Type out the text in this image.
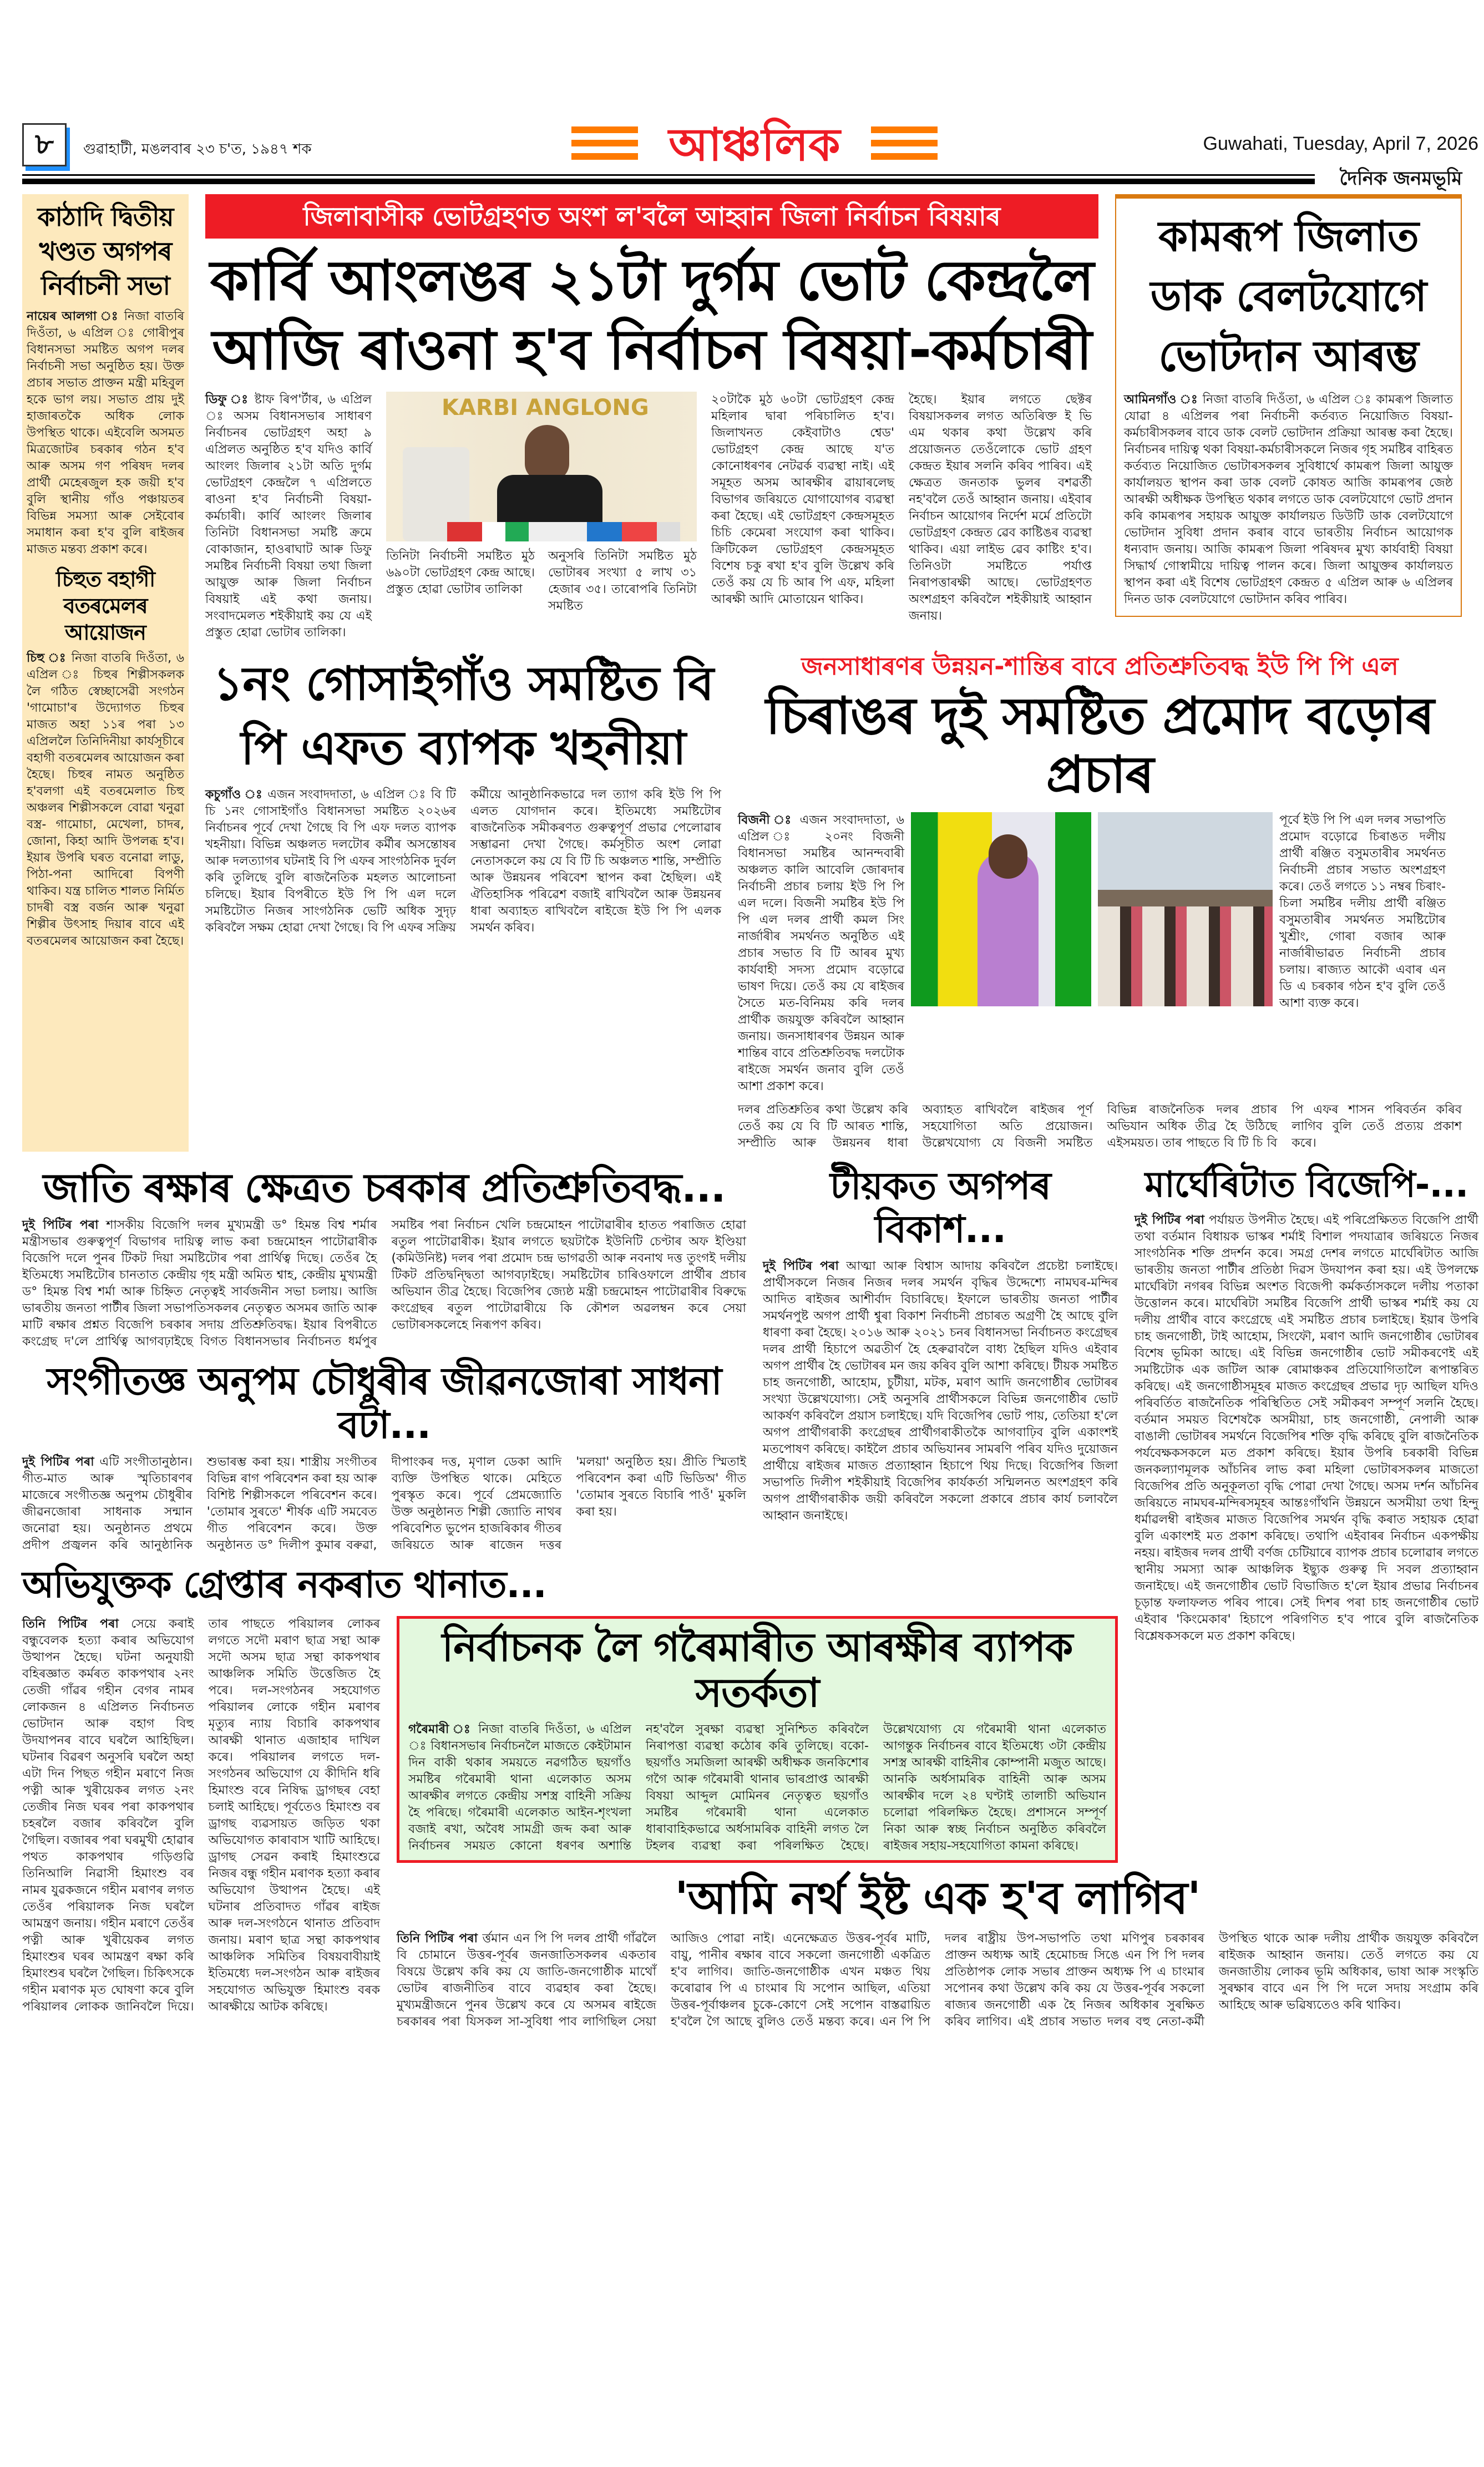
৮	গুৱাহাটী, মঙলবাৰ ২৩ চ'ত, ১৯৪৭ শক	আঞ্চলিক	Guwahati, Tuesday, April 7, 2026
দৈনিক জনমভূমি
কাঠাদি দ্বিতীয় খণ্ডত অগপৰ নিৰ্বাচনী সভা
নায়েৰ আলগা ঃ নিজা বাতৰি দিওঁতা, ৬ এপ্ৰিল ঃ গোৰীপুৰ বিধানসভা সমষ্টিত অগপ দলৰ নিৰ্বাচনী সভা অনুষ্ঠিত হয়। উক্ত প্ৰচাৰ সভাত প্ৰাক্তন মন্ত্ৰী মহিবুল হকে ভাগ লয়। সভাত প্ৰায় দুই হাজাৰতকৈ অধিক লোক উপস্থিত থাকে। এইবেলি অসমত মিত্ৰজোটৰ চৰকাৰ গঠন হ'ব আৰু অসম গণ পৰিষদ দলৰ প্ৰাৰ্থী মেহেৰজুল হক জয়ী হ'ব বুলি স্থানীয় গাঁও পঞ্চায়তৰ বিভিন্ন সমস্যা আৰু সেইবোৰ সমাধান কৰা হ'ব বুলি ৰাইজৰ মাজত মন্তব্য প্ৰকাশ কৰে।
চিহুত বহাগী বতৰমেলৰ আয়োজন
চিহু ঃ নিজা বাতৰি দিওঁতা, ৬ এপ্ৰিল ঃ চিহুৰ শিল্পীসকলক লৈ গঠিত স্বেচ্ছাসেৱী সংগঠন 'গামোচা'ৰ উদ্যোগত চিহুৰ মাজত অহা ১১ৰ পৰা ১৩ এপ্ৰিললৈ তিনিদিনীয়া কাৰ্যসূচীৰে বহাগী বতৰমেলৰ আয়োজন কৰা হৈছে। চিহুৰ নামত অনুষ্ঠিত হ'বলগা এই বতৰমেলাত চিহু অঞ্চলৰ শিল্পীসকলে বোৱা খনুৱা বস্ত্ৰ- গামোচা, মেখেলা, চাদৰ, জোনা, কিহা আদি উপলব্ধ হ'ব। ইয়াৰ উপৰি ঘৰত বনোৱা লাডু, পিঠা-পনা আদিৰো বিপণী থাকিব। যন্ত্ৰ চালিত শালত নিৰ্মিত চাদৰী বস্ত্ৰ বৰ্জন আৰু খনুৱা শিল্পীৰ উৎসাহ দিয়াৰ বাবে এই বতৰমেলৰ আয়োজন কৰা হৈছে।
জিলাবাসীক ভোটগ্ৰহণত অংশ ল'বলৈ আহ্বান জিলা নিৰ্বাচন বিষয়াৰ
কাৰ্বি আংলঙৰ ২১টা দুৰ্গম ভোট কেন্দ্ৰলৈ
আজি ৰাওনা হ'ব নিৰ্বাচন বিষয়া-কৰ্মচাৰী
ডিফু ঃ ষ্টাফ ৰিপ'ৰ্টাৰ, ৬ এপ্ৰিল ঃ অসম বিধানসভাৰ সাধাৰণ নিৰ্বাচনৰ ভোটগ্ৰহণ অহা ৯ এপ্ৰিলত অনুষ্ঠিত হ'ব যদিও কাৰ্বি আংলং জিলাৰ ২১টা অতি দুৰ্গম ভোটগ্ৰহণ কেন্দ্ৰলৈ ৭ এপ্ৰিলতে ৰাওনা হ'ব নিৰ্বাচনী বিষয়া-কৰ্মচাৰী। কাৰ্বি আংলং জিলাৰ তিনিটা বিধানসভা সমষ্টি ক্ৰমে বোকাজান, হাওৰাঘাট আৰু ডিফু সমষ্টিৰ নিৰ্বাচনী বিষয়া তথা জিলা আয়ুক্ত আৰু জিলা নিৰ্বাচন বিষয়াই এই কথা জনায়। সংবাদমেলত শইকীয়াই কয় যে এই প্ৰস্তুত হোৱা ভোটাৰ তালিকা।
KARBI ANGLONG
তিনিটা নিৰ্বাচনী সমষ্টিত মুঠ ৬৯০টা ভোটগ্ৰহণ কেন্দ্ৰ আছে। প্ৰস্তুত হোৱা ভোটাৰ তালিকা
অনুসৰি তিনিটা সমষ্টিত মুঠ ভোটাৰৰ সংখ্যা ৫ লাখ ৩১ হেজাৰ ৩৫। তাৰোপৰি তিনিটা সমষ্টিত
২০টাকৈ মুঠ ৬০টা ভোটগ্ৰহণ কেন্দ্ৰ মহিলাৰ দ্বাৰা পৰিচালিত হ'ব। জিলাখনত কেইবাটাও শ্বেড' ভোটগ্ৰহণ কেন্দ্ৰ আছে য'ত কোনোধৰণৰ নেটৱৰ্ক ব্যৱস্থা নাই। এই সমূহত অসম আৰক্ষীৰ ৱায়াৰলেছ বিভাগৰ জৰিয়তে যোগাযোগৰ ব্যৱস্থা কৰা হৈছে। এই ভোটগ্ৰহণ কেন্দ্ৰসমূহত চিচি কেমেৰা সংযোগ কৰা থাকিব। ক্ৰিটিকেল ভোটগ্ৰহণ কেন্দ্ৰসমূহত বিশেষ চকু ৰখা হ'ব বুলি উল্লেখ কৰি তেওঁ কয় যে চি আৰ পি এফ, মহিলা আৰক্ষী আদি মোতায়েন থাকিব।
হৈছে। ইয়াৰ লগতে ছেক্টৰ বিষয়াসকলৰ লগত অতিৰিক্ত ই ভি এম থকাৰ কথা উল্লেখ কৰি প্ৰয়োজনত তেওঁলোকে ভোট গ্ৰহণ কেন্দ্ৰত ইয়াৰ সলনি কৰিব পাৰিব। এই ক্ষেত্ৰত জনতাক ভুলৰ বশৱৰ্তী নহ'বলৈ তেওঁ আহ্বান জনায়। এইবাৰ নিৰ্বাচন আয়োগৰ নিৰ্দেশ মৰ্মে প্ৰতিটো ভোটগ্ৰহণ কেন্দ্ৰত ৱেব কাষ্টিঙৰ ব্যৱস্থা থাকিব। এয়া লাইভ ৱেব কাষ্টিং হ'ব। তিনিওটা সমষ্টিতে পৰ্যাপ্ত নিৰাপত্তাৰক্ষী আছে। ভোটগ্ৰহণত অংশগ্ৰহণ কৰিবলৈ শইকীয়াই আহ্বান জনায়।
কামৰূপ জিলাত ডাক বেলটযোগে ভোটদান আৰম্ভ
আমিনগাঁও ঃ নিজা বাতৰি দিওঁতা, ৬ এপ্ৰিল ঃ কামৰূপ জিলাত যোৱা ৪ এপ্ৰিলৰ পৰা নিৰ্বাচনী কৰ্তব্যত নিয়োজিত বিষয়া-কৰ্মচাৰীসকলৰ বাবে ডাক বেলট ভোটদান প্ৰক্ৰিয়া আৰম্ভ কৰা হৈছে। নিৰ্বাচনৰ দায়িত্ব থকা বিষয়া-কৰ্মচাৰীসকলে নিজৰ গৃহ সমষ্টিৰ বাহিৰত কৰ্তব্যত নিয়োজিত ভোটাৰসকলৰ সুবিধাৰ্থে কামৰূপ জিলা আয়ুক্ত কাৰ্যালয়ত স্থাপন কৰা ডাক বেলট কোষত আজি কামৰূপৰ জেষ্ঠ আৰক্ষী অধীক্ষক উপস্থিত থকাৰ লগতে ডাক বেলটযোগে ভোট প্ৰদান কৰি কামৰূপৰ সহায়ক আয়ুক্ত কাৰ্যালয়ত ডিউটি ডাক বেলটযোগে ভোটদান সুবিধা প্ৰদান কৰাৰ বাবে ভাৰতীয় নিৰ্বাচন আয়োগক ধন্যবাদ জনায়। আজি কামৰূপ জিলা পৰিষদৰ মুখ্য কাৰ্যবাহী বিষয়া সিদ্ধাৰ্থ গোস্বামীয়ে দায়িত্ব পালন কৰে। জিলা আয়ুক্তৰ কাৰ্যালয়ত স্থাপন কৰা এই বিশেষ ভোটগ্ৰহণ কেন্দ্ৰত ৫ এপ্ৰিল আৰু ৬ এপ্ৰিলৰ দিনত ডাক বেলটযোগে ভোটদান কৰিব পাৰিব।
১নং গোসাইগাঁও সমষ্টিত বি পি এফত ব্যাপক খহনীয়া
কচুগাঁও ঃ এজন সংবাদদাতা, ৬ এপ্ৰিল ঃ বি টি চি ১নং গোসাইগাঁও বিধানসভা সমষ্টিত ২০২৬ৰ নিৰ্বাচনৰ পূৰ্বে দেখা গৈছে বি পি এফ দলত ব্যাপক খহনীয়া। বিভিন্ন অঞ্চলত দলটোৰ কৰ্মীৰ অসন্তোষৰ আৰু দলত্যাগৰ ঘটনাই বি পি এফৰ সাংগঠনিক দুৰ্বল কৰি তুলিছে বুলি ৰাজনৈতিক মহলত আলোচনা চলিছে। ইয়াৰ বিপৰীতে ইউ পি পি এল দলে সমষ্টিটোত নিজৰ সাংগঠনিক ভেটি অধিক সুদৃঢ় কৰিবলৈ সক্ষম হোৱা দেখা গৈছে। বি পি এফৰ সক্ৰিয় কৰ্মীয়ে আনুষ্ঠানিকভাৱে দল ত্যাগ কৰি ইউ পি পি এলত যোগদান কৰে। ইতিমধ্যে সমষ্টিটোৰ ৰাজনৈতিক সমীকৰণত গুৰুত্বপূৰ্ণ প্ৰভাৱ পেলোৱাৰ সম্ভাৱনা দেখা গৈছে। কৰ্মসূচীত অংশ লোৱা নেতাসকলে কয় যে বি টি চি অঞ্চলত শান্তি, সম্প্ৰীতি আৰু উন্নয়নৰ পৰিবেশ স্থাপন কৰা হৈছিল। এই ঐতিহাসিক পৰিৱেশ বজাই ৰাখিবলৈ আৰু উন্নয়নৰ ধাৰা অব্যাহত ৰাখিবলৈ ৰাইজে ইউ পি পি এলক সমৰ্থন কৰিব।
জনসাধাৰণৰ উন্নয়ন-শান্তিৰ বাবে প্ৰতিশ্ৰুতিবদ্ধ ইউ পি পি এল
চিৰাঙৰ দুই সমষ্টিত প্ৰমোদ বড়োৰ প্ৰচাৰ
বিজনী ঃ এজন সংবাদদাতা, ৬ এপ্ৰিল ঃ ২০নং বিজনী বিধানসভা সমষ্টিৰ আনন্দবাৰী অঞ্চলত কালি আবেলি জোৰদাৰ নিৰ্বাচনী প্ৰচাৰ চলায় ইউ পি পি এল দলে। বিজনী সমষ্টিৰ ইউ পি পি এল দলৰ প্ৰাৰ্থী কমল সিং নাৰ্জাৰীৰ সমৰ্থনত অনুষ্ঠিত এই প্ৰচাৰ সভাত বি টি আৰৰ মুখ্য কাৰ্যবাহী সদস্য প্ৰমোদ বড়োৱে ভাষণ দিয়ে। তেওঁ কয় যে ৰাইজৰ সৈতে মত-বিনিময় কৰি দলৰ প্ৰাৰ্থীক জয়যুক্ত কৰিবলৈ আহ্বান জনায়। জনসাধাৰণৰ উন্নয়ন আৰু শান্তিৰ বাবে প্ৰতিশ্ৰুতিবদ্ধ দলটোক ৰাইজে সমৰ্থন জনাব বুলি তেওঁ আশা প্ৰকাশ কৰে।
পূৰ্বে ইউ পি পি এল দলৰ সভাপতি প্ৰমোদ বড়োৱে চিৰাঙত দলীয় প্ৰাৰ্থী ৰঞ্জিত বসুমতাৰীৰ সমৰ্থনত নিৰ্বাচনী প্ৰচাৰ সভাত অংশগ্ৰহণ কৰে। তেওঁ লগতে ১১ নম্বৰ চিৰাং-চিলা সমষ্টিৰ দলীয় প্ৰাৰ্থী ৰঞ্জিত বসুমতাৰীৰ সমৰ্থনত সমষ্টিটোৰ খুশ্ৰীং, গোৰা বজাৰ আৰু নাৰ্জাৰীভাৱত নিৰ্বাচনী প্ৰচাৰ চলায়। ৰাজ্যত আকৌ এবাৰ এন ডি এ চৰকাৰ গঠন হ'ব বুলি তেওঁ আশা ব্যক্ত কৰে।
দলৰ প্ৰতিশ্ৰুতিৰ কথা উল্লেখ কৰি তেওঁ কয় যে বি টি আৰত শান্তি, সম্প্ৰীতি আৰু উন্নয়নৰ ধাৰা অব্যাহত ৰাখিবলৈ ৰাইজৰ পূৰ্ণ সহযোগিতা অতি প্ৰয়োজন। উল্লেখযোগ্য যে বিজনী সমষ্টিত বিভিন্ন ৰাজনৈতিক দলৰ প্ৰচাৰ অভিযান অধিক তীব্ৰ হৈ উঠিছে এইসময়ত। তাৰ পাছতে বি টি চি বি পি এফৰ শাসন পৰিবৰ্তন কৰিব লাগিব বুলি তেওঁ প্ৰত্যয় প্ৰকাশ কৰে।
জাতি ৰক্ষাৰ ক্ষেত্ৰত চৰকাৰ প্ৰতিশ্ৰুতিবদ্ধ...
দুই পিটিৰ পৰা শাসকীয় বিজেপি দলৰ মুখ্যমন্ত্ৰী ড° হিমন্ত বিশ্ব শৰ্মাৰ মন্ত্ৰীসভাৰ গুৰুত্বপূৰ্ণ বিভাগৰ দায়িত্ব লাভ কৰা চন্দ্ৰমোহন পাটোৱাৰীক বিজেপি দলে পুনৰ টিকট দিয়া সমষ্টিটোৰ পৰা প্ৰাৰ্থিত্ব দিছে। তেওঁৰ হৈ ইতিমধ্যে সমষ্টিটোৰ চানতাত কেন্দ্ৰীয় গৃহ মন্ত্ৰী অমিত শ্বাহ, কেন্দ্ৰীয় মুখ্যমন্ত্ৰী ড° হিমন্ত বিশ্ব শৰ্মা আৰু চিহ্নিত নেতৃত্বই সাৰ্বজনীন সভা চলায়। আজি ভাৰতীয় জনতা পাৰ্টীৰ জিলা সভাপতিসকলৰ নেতৃত্বত অসমৰ জাতি আৰু মাটি ৰক্ষাৰ প্ৰশ্নত বিজেপি চৰকাৰ সদায় প্ৰতিশ্ৰুতিবদ্ধ। ইয়াৰ বিপৰীতে কংগ্ৰেছ দ'লে প্ৰাৰ্থিত্ব আগবঢ়াইছে বিগত বিধানসভাৰ নিৰ্বাচনত ধৰ্মপুৰ সমষ্টিৰ পৰা নিৰ্বাচন খেলি চন্দ্ৰমোহন পাটোৱাৰীৰ হাতত পৰাজিত হোৱা ৰতুল পাটোৱাৰীক। ইয়াৰ লগতে ছয়টাকৈ ইউনিটি চেণ্টাৰ অফ ইণ্ডিয়া (কমিউনিষ্ট) দলৰ পৰা প্ৰমোদ চন্দ্ৰ ভাগৱতী আৰু নবনাথ দত্ত তুংগই দলীয় টিকট প্ৰতিদ্বন্দ্বিতা আগবঢ়াইছে। সমষ্টিটোৰ চাৰিওফালে প্ৰাৰ্থীৰ প্ৰচাৰ অভিযান তীব্ৰ হৈছে। বিজেপিৰ জ্যেষ্ঠ মন্ত্ৰী চন্দ্ৰমোহন পাটোৱাৰীৰ বিৰুদ্ধে কংগ্ৰেছৰ ৰতুল পাটোৱাৰীয়ে কি কৌশল অৱলম্বন কৰে সেয়া ভোটাৰসকলেহে নিৰূপণ কৰিব।
সংগীতজ্ঞ অনুপম চৌধুৰীৰ জীৱনজোৰা সাধনা বটা...
দুই পিটিৰ পৰা এটি সংগীতানুষ্ঠান। গীত-মাত আৰু স্মৃতিচাৰণৰ মাজেৰে সংগীতজ্ঞ অনুপম চৌধুৰীৰ জীৱনজোৰা সাধনাক সন্মান জনোৱা হয়। অনুষ্ঠানত প্ৰথমে প্ৰদীপ প্ৰজ্বলন কৰি আনুষ্ঠানিক শুভাৰম্ভ কৰা হয়। শাস্ত্ৰীয় সংগীতৰ বিভিন্ন ৰাগ পৰিবেশন কৰা হয় আৰু বিশিষ্ট শিল্পীসকলে পৰিবেশন কৰে। 'তোমাৰ সুৰতে' শীৰ্ষক এটি সমবেত গীত পৰিবেশন কৰে। উক্ত অনুষ্ঠানত ড° দিলীপ কুমাৰ বৰুৱা, দীপাংকৰ দত্ত, মৃণাল ডেকা আদি ব্যক্তি উপস্থিত থাকে। মেহিতে পুৰস্কৃত কৰে। পূৰ্বে প্ৰেমজ্যোতি উক্ত অনুষ্ঠানত শিল্পী জ্যোতি নাথৰ পৰিবেশিত ভুপেন হাজৰিকাৰ গীতৰ জৰিয়তে আৰু ৰাজেন দত্তৰ 'মলয়া' অনুষ্ঠিত হয়। প্ৰীতি স্মিতাই পৰিবেশন কৰা এটি ভিডিঅ' গীত 'তোমাৰ সুৰতে বিচাৰি পাওঁ' মুকলি কৰা হয়।
অভিযুক্তক গ্ৰেপ্তাৰ নকৰাত থানাত...
তিনি পিটিৰ পৰা সেয়ে কৰাই বন্ধুবেলক হত্যা কৰাৰ অভিযোগ উত্থাপন হৈছে। ঘটনা অনুযায়ী বহিৰজ্ঞাত কৰ্মৰত কাকপথাৰ ২নং তেজী গাঁৱৰ গহীন বেগৰ নামৰ লোকজন ৪ এপ্ৰিলত নিৰ্বাচনত ভোটদান আৰু বহাগ বিহু উদযাপনৰ বাবে ঘৰলৈ আহিছিল। ঘটনাৰ বিৱৰণ অনুসৰি ঘৰলৈ অহা এটা দিন পিছত গহীন মৰাণে নিজ পত্নী আৰু খুৰীয়েকৰ লগত ২নং তেজীৰ নিজ ঘৰৰ পৰা কাকপথাৰ চহৰলৈ বজাৰ কৰিবলৈ বুলি গৈছিল। বজাৰৰ পৰা ঘৰমুখী হোৱাৰ পথত কাকপথাৰ গড়িগুৱি তিনিআলি নিৱাসী হিমাংশু বৰ নামৰ যুৱকজনে গহীন মৰাণৰ লগত তেওঁৰ পৰিয়ালক নিজ ঘৰলৈ আমন্ত্ৰণ জনায়। গহীন মৰাণে তেওঁৰ পত্নী আৰু খুৰীয়েকৰ লগত হিমাংশুৰ ঘৰৰ আমন্ত্ৰণ ৰক্ষা কৰি হিমাংশুৰ ঘৰলৈ গৈছিল। চিকিৎসকে গহীন মৰাণক মৃত ঘোষণা কৰে বুলি পৰিয়ালৰ লোকক জানিবলৈ দিয়ে। তাৰ পাছতে পৰিয়ালৰ লোকৰ লগতে সদৌ মৰাণ ছাত্ৰ সন্থা আৰু সদৌ অসম ছাত্ৰ সন্থা কাকপথাৰ আঞ্চলিক সমিতি উত্তেজিত হৈ পৰে। দল-সংগঠনৰ সহযোগত পৰিয়ালৰ লোকে গহীন মৰাণৰ মৃত্যুৰ ন্যায় বিচাৰি কাকপথাৰ আৰক্ষী থানাত এজাহাৰ দাখিল কৰে। পৰিয়ালৰ লগতে দল-সংগঠনৰ অভিযোগ যে কীদিনি ধৰি হিমাংশু বৰে নিষিদ্ধ ড্ৰাগছৰ বেহা চলাই আহিছে। পূৰ্বতেও হিমাংশু বৰ ড্ৰাগছ ব্যৱসায়ত জড়িত থকা অভিযোগত কাৰাবাস খাটি আহিছে। ড্ৰাগছ সেৱন কৰাই হিমাংশুৱে নিজৰ বন্ধু গহীন মৰাণক হত্যা কৰাৰ অভিযোগ উত্থাপন হৈছে। এই ঘটনাৰ প্ৰতিবাদত গাঁৱৰ ৰাইজ আৰু দল-সংগঠনে থানাত প্ৰতিবাদ জনায়। মৰাণ ছাত্ৰ সন্থা কাকপথাৰ আঞ্চলিক সমিতিৰ বিষয়বাবীয়াই ইতিমধ্যে দল-সংগঠন আৰু ৰাইজৰ সহযোগত অভিযুক্ত হিমাংশু বৰক আৰক্ষীয়ে আটক কৰিছে।
টীয়কত অগপৰ বিকাশ...
দুই পিটিৰ পৰা আত্মা আৰু বিশ্বাস আদায় কৰিবলৈ প্ৰচেষ্টা চলাইছে। প্ৰাৰ্থীসকলে নিজৰ নিজৰ দলৰ সমৰ্থন বৃদ্ধিৰ উদ্দেশ্যে নামঘৰ-মন্দিৰ আদিত ৰাইজৰ আশীৰ্বাদ বিচাৰিছে। ইফালে ভাৰতীয় জনতা পাৰ্টীৰ সমৰ্থনপুষ্ট অগপ প্ৰাৰ্থী শ্বুৰা বিকাশ নিৰ্বাচনী প্ৰচাৰত অগ্ৰণী হৈ আছে বুলি ধাৰণা কৰা হৈছে। ২০১৬ আৰু ২০২১ চনৰ বিধানসভা নিৰ্বাচনত কংগ্ৰেছৰ দলৰ প্ৰাৰ্থী হিচাপে অৱতীৰ্ণ হৈ হেৰুৱাবলৈ বাধ্য হৈছিল যদিও এইবাৰ অগপ প্ৰাৰ্থীৰ হৈ ভোটাৰৰ মন জয় কৰিব বুলি আশা কৰিছে। টীয়ক সমষ্টিত চাহ জনগোষ্ঠী, আহোম, চুটীয়া, মটক, মৰাণ আদি জনগোষ্ঠীৰ ভোটাৰৰ সংখ্যা উল্লেখযোগ্য। সেই অনুসৰি প্ৰাৰ্থীসকলে বিভিন্ন জনগোষ্ঠীৰ ভোট আকৰ্ষণ কৰিবলৈ প্ৰয়াস চলাইছে। যদি বিজেপিৰ ভোট পায়, তেতিয়া হ'লে অগপ প্ৰাৰ্থীগৰাকী কংগ্ৰেছৰ প্ৰাৰ্থীগৰাকীতকৈ আগবাঢ়িব বুলি একাংশই মতপোষণ কৰিছে। কাইলৈ প্ৰচাৰ অভিযানৰ সামৰণি পৰিব যদিও দুয়োজন প্ৰাৰ্থীয়ে ৰাইজৰ মাজত প্ৰত্যাহ্বান হিচাপে থিয় দিছে। বিজেপিৰ জিলা সভাপতি দিলীপ শইকীয়াই বিজেপিৰ কাৰ্যকৰ্তা সন্মিলনত অংশগ্ৰহণ কৰি অগপ প্ৰাৰ্থীগৰাকীক জয়ী কৰিবলৈ সকলো প্ৰকাৰে প্ৰচাৰ কাৰ্য চলাবলৈ আহ্বান জনাইছে।
মাৰ্ঘেৰিটাত বিজেপি-...
দুই পিটিৰ পৰা পৰ্যায়ত উপনীত হৈছে। এই পৰিপ্ৰেক্ষিতত বিজেপি প্ৰাৰ্থী তথা বৰ্তমান বিধায়ক ভাস্কৰ শৰ্মাই বিশাল পদযাত্ৰাৰ জৰিয়তে নিজৰ সাংগঠনিক শক্তি প্ৰদৰ্শন কৰে। সমগ্ৰ দেশৰ লগতে মাৰ্ঘেৰিটাত আজি ভাৰতীয় জনতা পাৰ্টীৰ প্ৰতিষ্ঠা দিৱস উদযাপন কৰা হয়। এই উপলক্ষে মাৰ্ঘেৰিটা নগৰৰ বিভিন্ন অংশত বিজেপী কৰ্মকৰ্তাসকলে দলীয় পতাকা উত্তোলন কৰে। মাৰ্ঘেৰিটা সমষ্টিৰ বিজেপি প্ৰাৰ্থী ভাস্কৰ শৰ্মাই কয় যে দলীয় প্ৰাৰ্থীৰ বাবে কংগ্ৰেছে এই সমষ্টিত প্ৰচাৰ চলাইছে। ইয়াৰ উপৰি চাহ জনগোষ্ঠী, টাই আহোম, সিংফৌ, মৰাণ আদি জনগোষ্ঠীৰ ভোটাৰৰ বিশেষ ভূমিকা আছে। এই বিভিন্ন জনগোষ্ঠীৰ ভোট সমীকৰণেই এই সমষ্টিটোক এক জটিল আৰু ৰোমাঞ্চকৰ প্ৰতিযোগিতালৈ ৰূপান্তৰিত কৰিছে। এই জনগোষ্ঠীসমূহৰ মাজত কংগ্ৰেছৰ প্ৰভাৱ দৃঢ় আছিল যদিও পৰিবৰ্তিত ৰাজনৈতিক পৰিস্থিতিত সেই সমীকৰণ সম্পূৰ্ণ সলনি হৈছে। বৰ্তমান সময়ত বিশেষকৈ অসমীয়া, চাহ জনগোষ্ঠী, নেপালী আৰু বাঙালী ভোটাৰৰ সমৰ্থনে বিজেপিৰ শক্তি বৃদ্ধি কৰিছে বুলি ৰাজনৈতিক পৰ্যবেক্ষকসকলে মত প্ৰকাশ কৰিছে। ইয়াৰ উপৰি চৰকাৰী বিভিন্ন জনকল্যাণমূলক আঁচনিৰ লাভ কৰা মহিলা ভোটাৰসকলৰ মাজতো বিজেপিৰ প্ৰতি অনুকূলতা বৃদ্ধি পোৱা দেখা গৈছে। অসম দৰ্শন আঁচনিৰ জৰিয়তে নামঘৰ-মন্দিৰসমূহৰ আন্তঃগাঁথনি উন্নয়নে অসমীয়া তথা হিন্দু ধৰ্মাৱলম্বী ৰাইজৰ মাজত বিজেপিৰ সমৰ্থন বৃদ্ধি কৰাত সহায়ক হোৱা বুলি একাংশই মত প্ৰকাশ কৰিছে। তথাপি এইবাৰৰ নিৰ্বাচন একপক্ষীয় নহয়। ৰাইজৰ দলৰ প্ৰাৰ্থী বৰ্ণজ চেটিয়াৰে ব্যাপক প্ৰচাৰ চলোৱাৰ লগতে স্থানীয় সমস্যা আৰু আঞ্চলিক ইছ্যুক গুৰুত্ব দি সবল প্ৰত্যাহ্বান জনাইছে। এই জনগোষ্ঠীৰ ভোট বিভাজিত হ'লে ইয়াৰ প্ৰভাৱ নিৰ্বাচনৰ চূড়ান্ত ফলাফলত পৰিব পাৰে। সেই দিশৰ পৰা চাহ জনগোষ্ঠীৰ ভোট এইবাৰ 'কিংমেকাৰ' হিচাপে পৰিগণিত হ'ব পাৰে বুলি ৰাজনৈতিক বিশ্লেষকসকলে মত প্ৰকাশ কৰিছে।
নিৰ্বাচনক লৈ গৰৈমাৰীত আৰক্ষীৰ ব্যাপক সতৰ্কতা
গৰৈমাৰী ঃ নিজা বাতৰি দিওঁতা, ৬ এপ্ৰিল ঃ বিধানসভাৰ নিৰ্বাচনলৈ মাজতে কেইটামান দিন বাকী থকাৰ সময়তে নৱগঠিত ছয়গাঁও সমষ্টিৰ গৰৈমাৰী থানা এলেকাত অসম আৰক্ষীৰ লগতে কেন্দ্ৰীয় সশস্ত্ৰ বাহিনী সক্ৰিয় হৈ পৰিছে। গৰৈমাৰী এলেকাত আইন-শৃংখলা বজাই ৰখা, অবৈধ সামগ্ৰী জব্দ কৰা আৰু নিৰ্বাচনৰ সময়ত কোনো ধৰণৰ অশান্তি নহ'বলৈ সুৰক্ষা ব্যৱস্থা সুনিশ্চিত কৰিবলৈ নিৰাপত্তা ব্যৱস্থা কঠোৰ কৰি তুলিছে। বকো-ছয়গাঁও সমজিলা আৰক্ষী অধীক্ষক জনকিশোৰ গগৈ আৰু গৰৈমাৰী থানাৰ ভাৰপ্ৰাপ্ত আৰক্ষী বিষয়া আব্দুল মোমিনৰ নেতৃত্বত ছয়গাঁও সমষ্টিৰ গৰৈমাৰী থানা এলেকাত ধাৰাবাহিকভাৱে অৰ্ধসামৰিক বাহিনী লগত লৈ টহলৰ ব্যৱস্থা কৰা পৰিলক্ষিত হৈছে। উল্লেখযোগ্য যে গৰৈমাৰী থানা এলেকাত আগন্তুক নিৰ্বাচনৰ বাবে ইতিমধ্যে ৩টা কেন্দ্ৰীয় সশস্ত্ৰ আৰক্ষী বাহিনীৰ কোম্পানী মজুত আছে। আনকি অৰ্ধসামৰিক বাহিনী আৰু অসম আৰক্ষীৰ দলে ২৪ ঘণ্টাই তালাচী অভিযান চলোৱা পৰিলক্ষিত হৈছে। প্ৰশাসনে সম্পূৰ্ণ নিকা আৰু স্বচ্ছ নিৰ্বাচন অনুষ্ঠিত কৰিবলৈ ৰাইজৰ সহায়-সহযোগিতা কামনা কৰিছে।
'আমি নৰ্থ ইষ্ট এক হ'ব লাগিব'
তিনি পিটিৰ পৰা ৰ্ত্তমান এন পি পি দলৰ প্ৰাৰ্থী গাঁৱলৈ বি চোমানে উত্তৰ-পূৰ্বৰ জনজাতিসকলৰ একতাৰ বিষয়ে উল্লেখ কৰি কয় যে জাতি-জনগোষ্ঠীক মাথোঁ ভোটৰ ৰাজনীতিৰ বাবে ব্যৱহাৰ কৰা হৈছে। মুখ্যমন্ত্ৰীজনে পুনৰ উল্লেখ কৰে যে অসমৰ ৰাইজে চৰকাৰৰ পৰা যিসকল সা-সুবিধা পাব লাগিছিল সেয়া আজিও পোৱা নাই। এনেক্ষেত্ৰত উত্তৰ-পূৰ্বৰ মাটি, বায়ু, পানীৰ ৰক্ষাৰ বাবে সকলো জনগোষ্ঠী একত্ৰিত হ'ব লাগিব। জাতি-জনগোষ্ঠীক এখন মঞ্চত থিয় কৰোৱাৰ পি এ চাংমাৰ যি সপোন আছিল, এতিয়া উত্তৰ-পূৰ্বাঞ্চলৰ চুকে-কোণে সেই সপোন বাস্তৱায়িত হ'বলৈ গৈ আছে বুলিও তেওঁ মন্তব্য কৰে। এন পি পি দলৰ ৰাষ্ট্ৰীয় উপ-সভাপতি তথা মণিপুৰ চৰকাৰৰ প্ৰাক্তন অধ্যক্ষ আই হেমোচন্দ্ৰ সিঙে এন পি পি দলৰ প্ৰতিষ্ঠাপক লোক সভাৰ প্ৰাক্তন অধ্যক্ষ পি এ চাংমাৰ সপোনৰ কথা উল্লেখ কৰি কয় যে উত্তৰ-পূৰ্বৰ সকলো ৰাজ্যৰ জনগোষ্ঠী এক হৈ নিজৰ অধিকাৰ সুৰক্ষিত কৰিব লাগিব। এই প্ৰচাৰ সভাত দলৰ বহু নেতা-কৰ্মী উপস্থিত থাকে আৰু দলীয় প্ৰাৰ্থীক জয়যুক্ত কৰিবলৈ ৰাইজক আহ্বান জনায়। তেওঁ লগতে কয় যে জনজাতীয় লোকৰ ভূমি অধিকাৰ, ভাষা আৰু সংস্কৃতি সুৰক্ষাৰ বাবে এন পি পি দলে সদায় সংগ্ৰাম কৰি আহিছে আৰু ভৱিষ্যতেও কৰি থাকিব।
